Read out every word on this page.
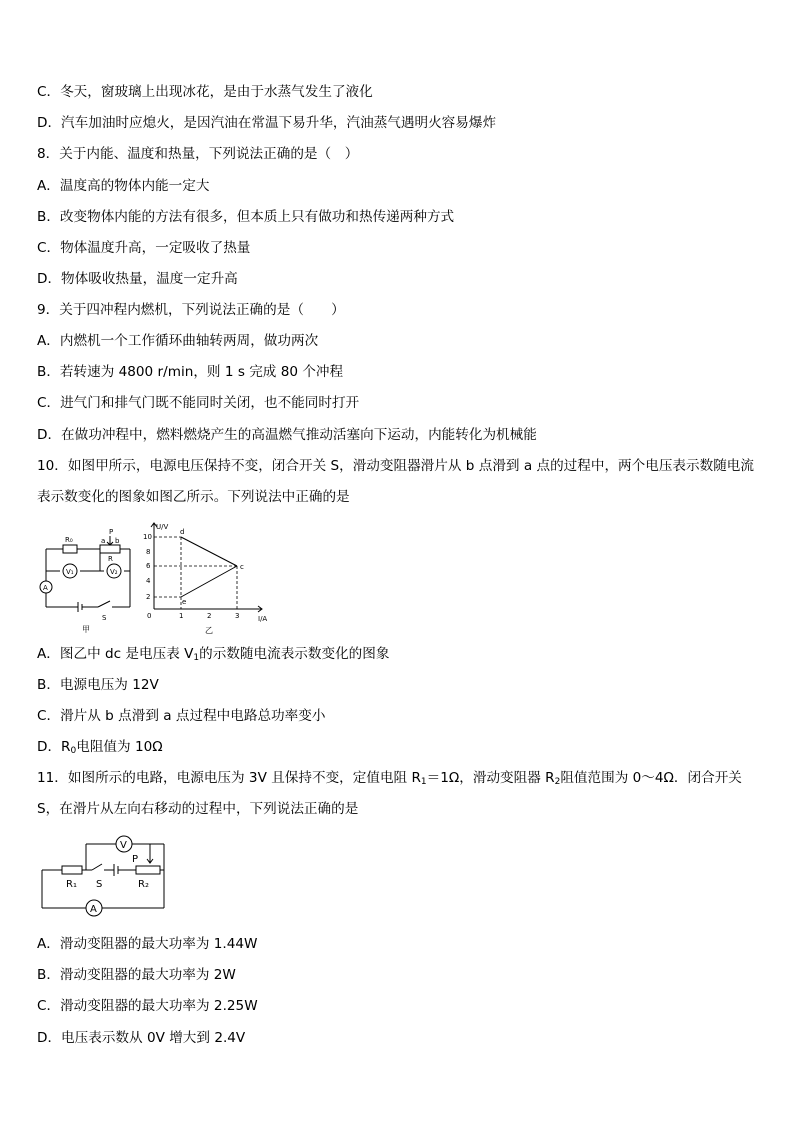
C．冬天，窗玻璃上出现冰花，是由于水蒸气发生了液化
D．汽车加油时应熄火，是因汽油在常温下易升华，汽油蒸气遇明火容易爆炸
8．关于内能、温度和热量，下列说法正确的是（　）
A．温度高的物体内能一定大
B．改变物体内能的方法有很多，但本质上只有做功和热传递两种方式
C．物体温度升高，一定吸收了热量
D．物体吸收热量，温度一定升高
9．关于四冲程内燃机，下列说法正确的是（　　）
A．内燃机一个工作循环曲轴转两周，做功两次
B．若转速为 4800 r/min，则 1 s 完成 80 个冲程
C．进气门和排气门既不能同时关闭，也不能同时打开
D．在做功冲程中，燃料燃烧产生的高温燃气推动活塞向下运动，内能转化为机械能
10．如图甲所示，电源电压保持不变，闭合开关 S，滑动变阻器滑片从 b 点滑到 a 点的过程中，两个电压表示数随电流
表示数变化的图象如图乙所示。下列说法中正确的是
R₀
P
a b
R
V₁	V₂
A
S
甲
U/V
I/A
10
8
6
4
2
0	1	2	3
d
c
e
乙
A．图乙中 dc 是电压表 $V_1$的示数随电流表示数变化的图象
B．电源电压为 12V
C．滑片从 b 点滑到 a 点过程中电路总功率变小
D．$R_0$电阻值为 10Ω
11．如图所示的电路，电源电压为 3V 且保持不变，定值电阻 $R_1=1\Omega$，滑动变阻器 $R_2$阻值范围为 0～4Ω．闭合开关
S，在滑片从左向右移动的过程中，下列说法正确的是
V
P
R₁ S	R₂
A
A．滑动变阻器的最大功率为 1.44W
B．滑动变阻器的最大功率为 2W
C．滑动变阻器的最大功率为 2.25W
D．电压表示数从 0V 增大到 2.4V
